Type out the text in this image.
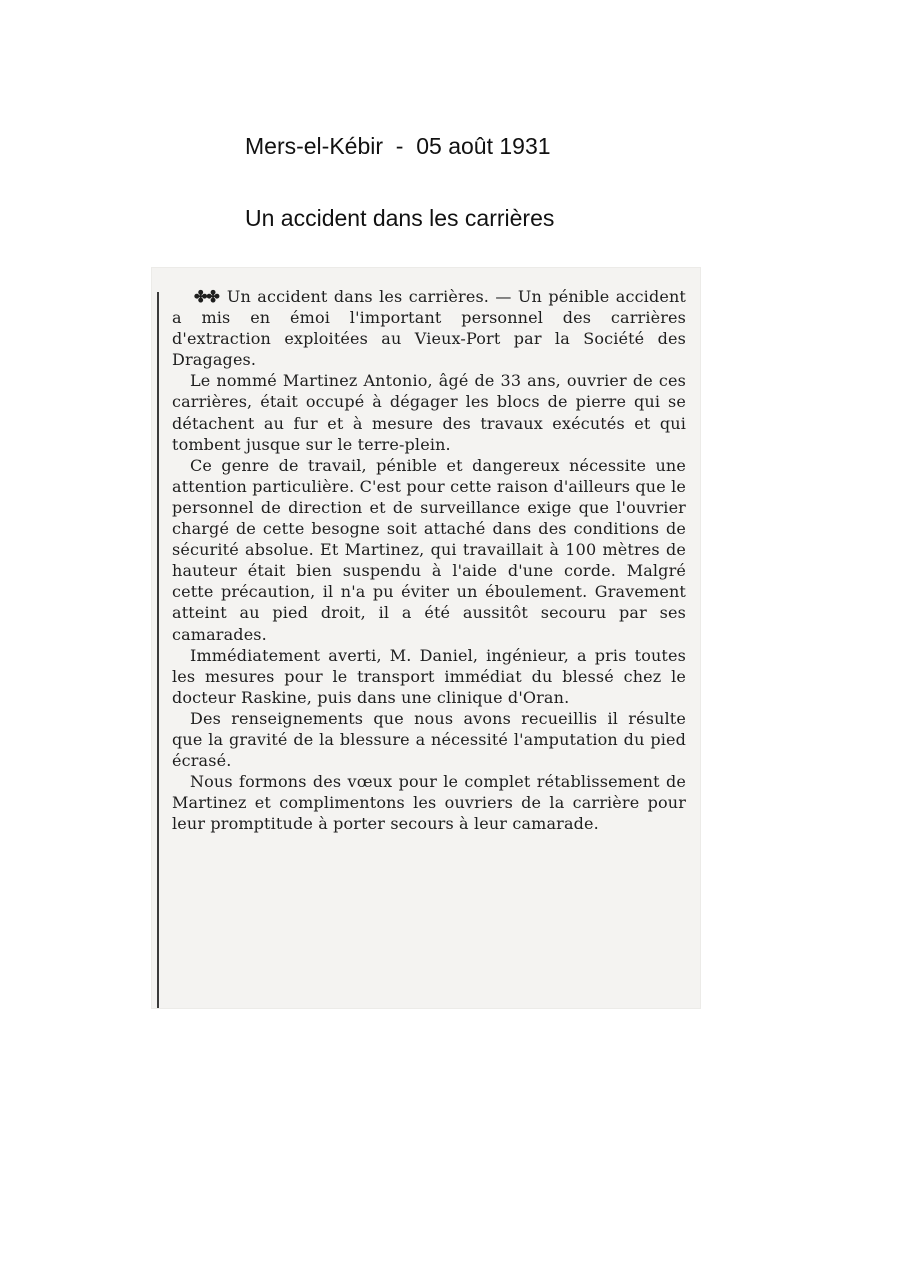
Mers-el-Kébir  -  05 août 1931
Un accident dans les carrières

✤✤ Un accident dans les carrières. — Un pénible accident a mis en émoi l'important personnel des carrières d'extraction exploitées au Vieux-Port par la Société des Dragages.

Le nommé Martinez Antonio, âgé de 33 ans, ouvrier de ces carrières, était occupé à dégager les blocs de pierre qui se détachent au fur et à mesure des travaux exécutés et qui tombent jusque sur le terre-plein.

Ce genre de travail, pénible et dangereux nécessite une attention particulière. C'est pour cette raison d'ailleurs que le personnel de direction et de surveillance exige que l'ouvrier chargé de cette besogne soit attaché dans des conditions de sécurité absolue. Et Martinez, qui travaillait à 100 mètres de hauteur était bien suspendu à l'aide d'une corde. Malgré cette précaution, il n'a pu éviter un éboulement. Gravement atteint au pied droit, il a été aussitôt secouru par ses camarades.

Immédiatement averti, M. Daniel, ingénieur, a pris toutes les mesures pour le transport immédiat du blessé chez le docteur Raskine, puis dans une clinique d'Oran.

Des renseignements que nous avons recueillis il résulte que la gravité de la blessure a nécessité l'amputation du pied écrasé.

Nous formons des vœux pour le complet rétablissement de Martinez et complimentons les ouvriers de la carrière pour leur promptitude à porter secours à leur camarade.
